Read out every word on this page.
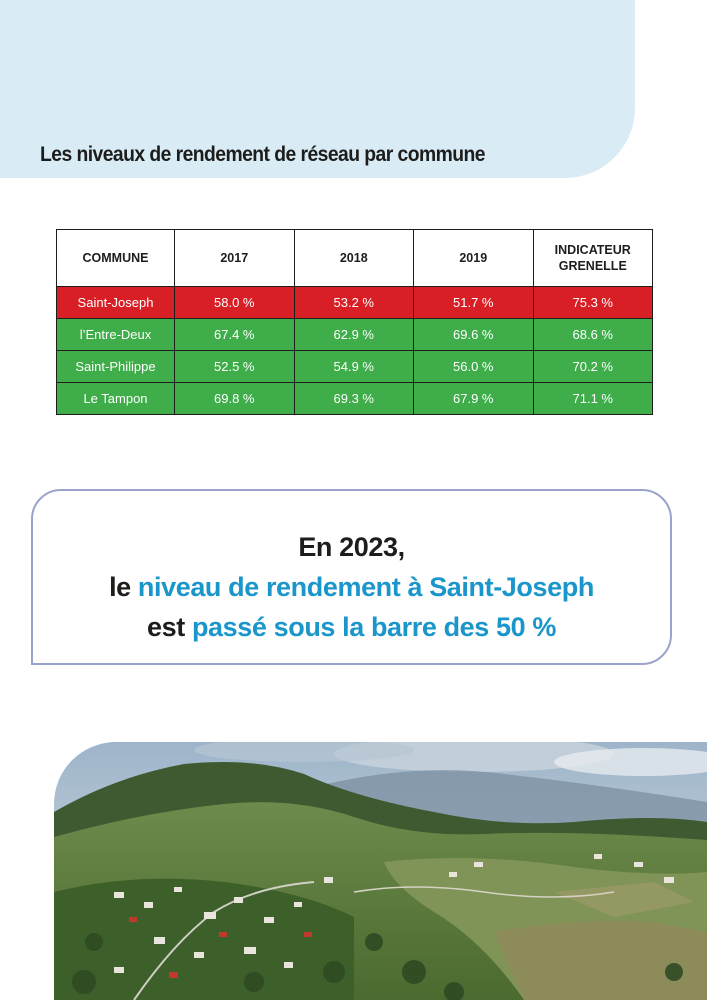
Les niveaux de rendement de réseau par commune
COMMUNE	2017	2018	2019	INDICATEUR GRENELLE
Saint-Joseph	58.0 %	53.2 %	51.7 %	75.3 %
l’Entre-Deux	67.4 %	62.9 %	69.6 %	68.6 %
Saint-Philippe	52.5 %	54.9 %	56.0 %	70.2 %
Le Tampon	69.8 %	69.3 %	67.9 %	71.1 %
En 2023,
le niveau de rendement à Saint-Joseph
est passé sous la barre des 50 %
